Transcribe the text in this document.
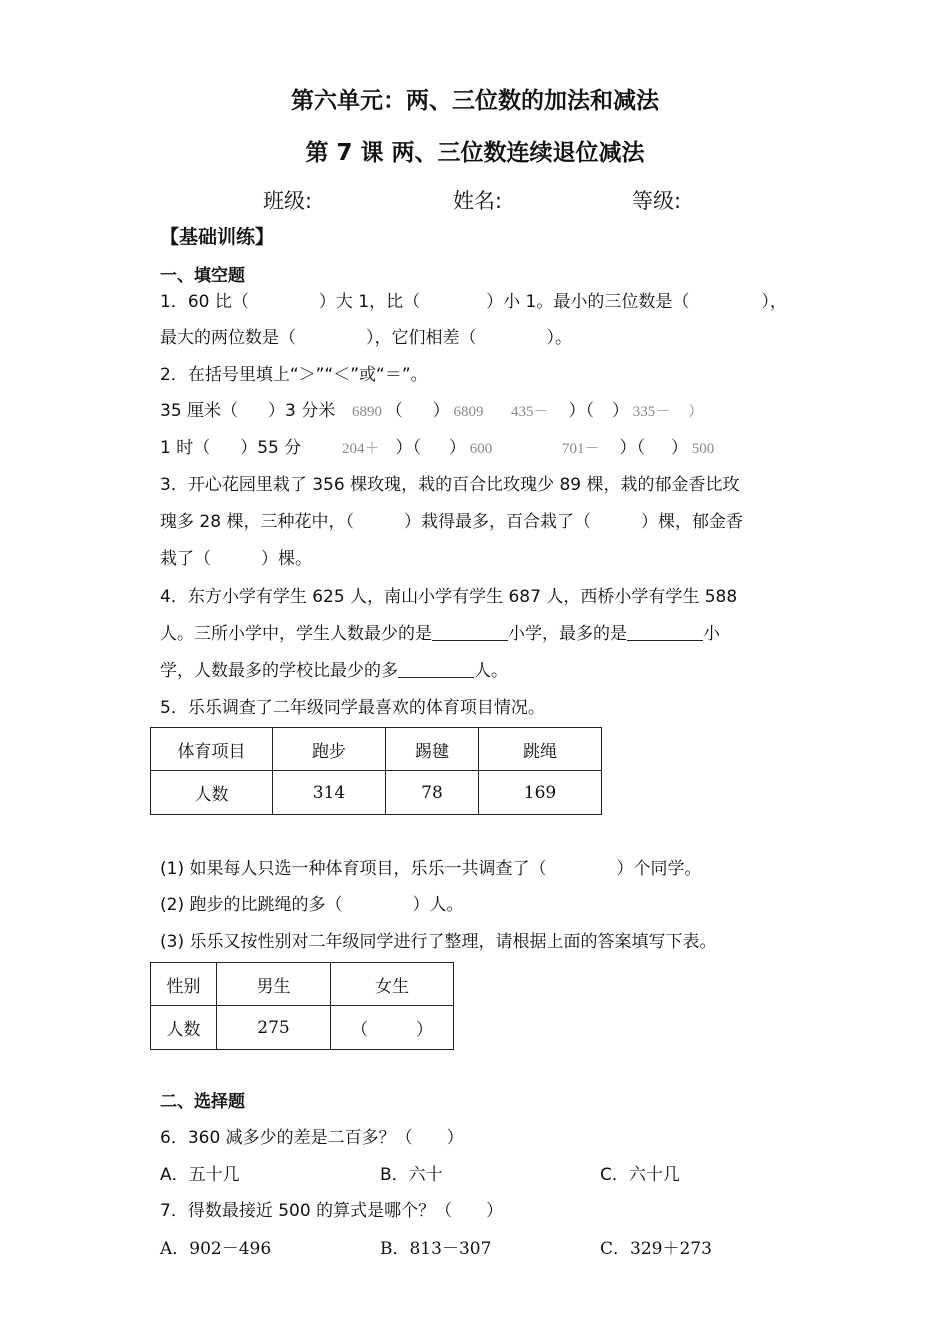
第六单元：两、三位数的加法和减法
第 7 课 两、三位数连续退位减法
班级:	姓名:	等级:
【基础训练】
一、填空题
1．60 比（	）大 1，比（	）小 1。最小的三位数是（	），
最大的两位数是（	），它们相差（	）。
2．在括号里填上“＞”“＜”或“＝”。
35 厘米（ ）3 分米 6890 （ ） 6809 435－ ）（ ） 335－ ）
1 时（ ）55 分	204＋ ）（ ） 600	701－ ）（ ） 500
3．开心花园里栽了 356 棵玫瑰，栽的百合比玫瑰少 89 棵，栽的郁金香比玫
瑰多 28 棵，三种花中，（	）栽得最多，百合栽了（	）棵，郁金香
栽了（	）棵。
4．东方小学有学生 625 人，南山小学有学生 687 人，西桥小学有学生 588
人。三所小学中，学生人数最少的是	小学，最多的是	小
学，人数最多的学校比最少的多	人。
5．乐乐调查了二年级同学最喜欢的体育项目情况。
体育项目	跑步	踢毽	跳绳
人数	314	78	169
(1) 如果每人只选一种体育项目，乐乐一共调查了（	）个同学。
(2) 跑步的比跳绳的多（	）人。
(3) 乐乐又按性别对二年级同学进行了整理，请根据上面的答案填写下表。
性别	男生	女生
人数	275	（ ）
二、选择题
6．360 减多少的差是二百多？（　　）
A．五十几	B．六十	C．六十几
7．得数最接近 500 的算式是哪个？（　　）
A．902－496	B．813－307	C．329＋273
